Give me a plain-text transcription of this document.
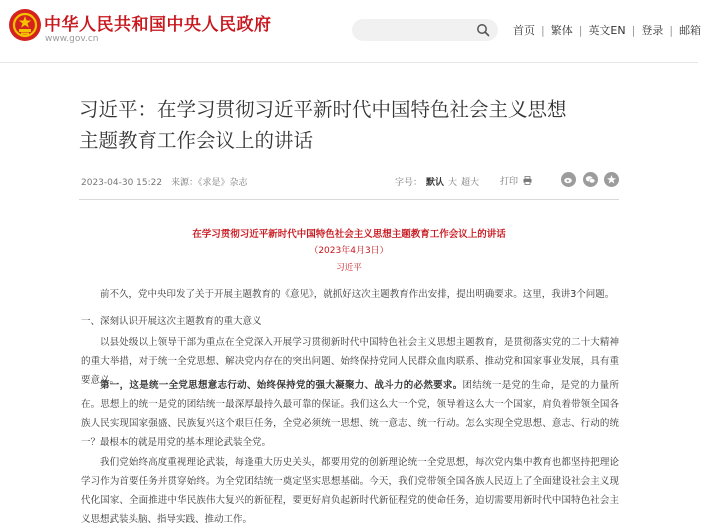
中华人民共和国中央人民政府
www.gov.cn
首页 | 繁体 | 英文EN | 登录 | 邮箱
习近平：在学习贯彻习近平新时代中国特色社会主义思想
主题教育工作会议上的讲话
2023-04-30 15:22 来源：《求是》杂志	字号： 默认 大 超大 打印
在学习贯彻习近平新时代中国特色社会主义思想主题教育工作会议上的讲话
（2023年4月3日）
习近平
前不久，党中央印发了关于开展主题教育的《意见》，就抓好这次主题教育作出安排，提出明确要求。这里，我讲3个问题。
一、深刻认识开展这次主题教育的重大意义
以县处级以上领导干部为重点在全党深入开展学习贯彻新时代中国特色社会主义思想主题教育，是贯彻落实党的二十大精神的重大举措，对于统一全党思想、解决党内存在的突出问题、始终保持党同人民群众血肉联系、推动党和国家事业发展，具有重要意义。
第一，这是统一全党思想意志行动、始终保持党的强大凝聚力、战斗力的必然要求。团结统一是党的生命，是党的力量所在。思想上的统一是党的团结统一最深厚最持久最可靠的保证。我们这么大一个党，领导着这么大一个国家，肩负着带领全国各族人民实现国家强盛、民族复兴这个艰巨任务，全党必须统一思想、统一意志、统一行动。怎么实现全党思想、意志、行动的统一？最根本的就是用党的基本理论武装全党。
我们党始终高度重视理论武装，每逢重大历史关头，都要用党的创新理论统一全党思想，每次党内集中教育也都坚持把理论学习作为首要任务并贯穿始终。为全党团结统一奠定坚实思想基础。今天，我们党带领全国各族人民迈上了全面建设社会主义现代化国家、全面推进中华民族伟大复兴的新征程，要更好肩负起新时代新征程党的使命任务，迫切需要用新时代中国特色社会主义思想武装头脑、指导实践、推动工作。
